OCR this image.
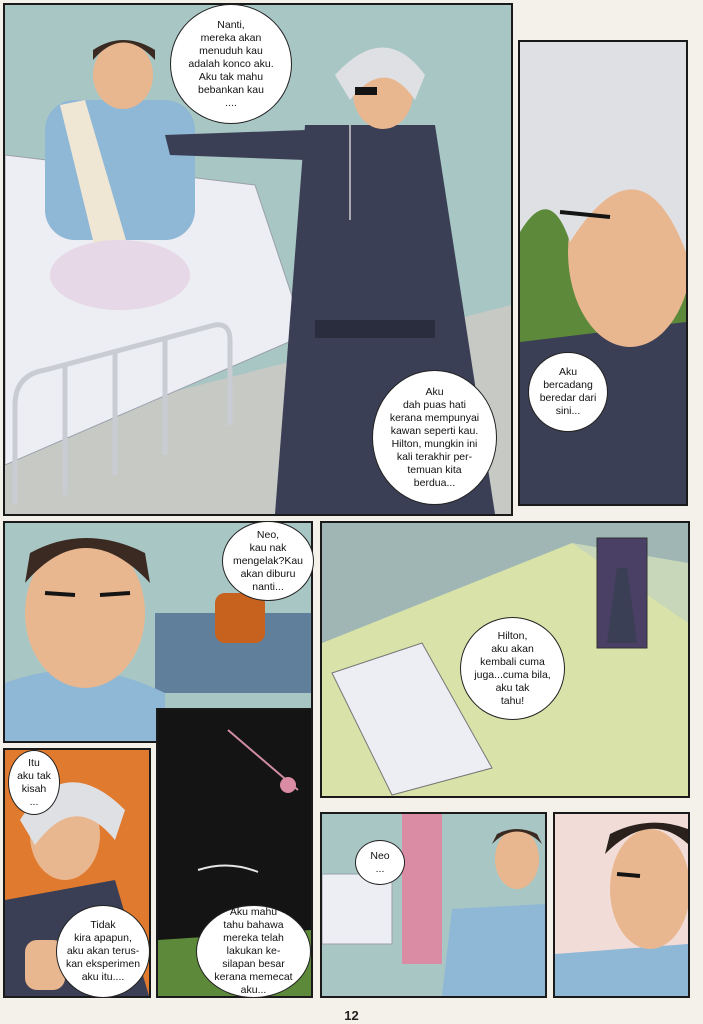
Nanti,
mereka akan
menuduh kau
adalah konco aku.
Aku tak mahu
bebankan kau
....
Aku
dah puas hati
kerana mempunyai
kawan seperti kau.
Hilton, mungkin ini
kali terakhir per-
temuan kita
berdua...
Aku
bercadang
beredar dari
sini...
Neo,
kau nak
mengelak?Kau
akan diburu
nanti...
Hilton,
aku akan
kembali cuma
juga...cuma bila,
aku tak
tahu!
Itu
aku tak
kisah
...
Tidak
kira apapun,
aku akan terus-
kan eksperimen
aku itu....
Aku mahu
tahu bahawa
mereka telah
lakukan ke-
silapan besar
kerana memecat
aku...
Neo
...
12
